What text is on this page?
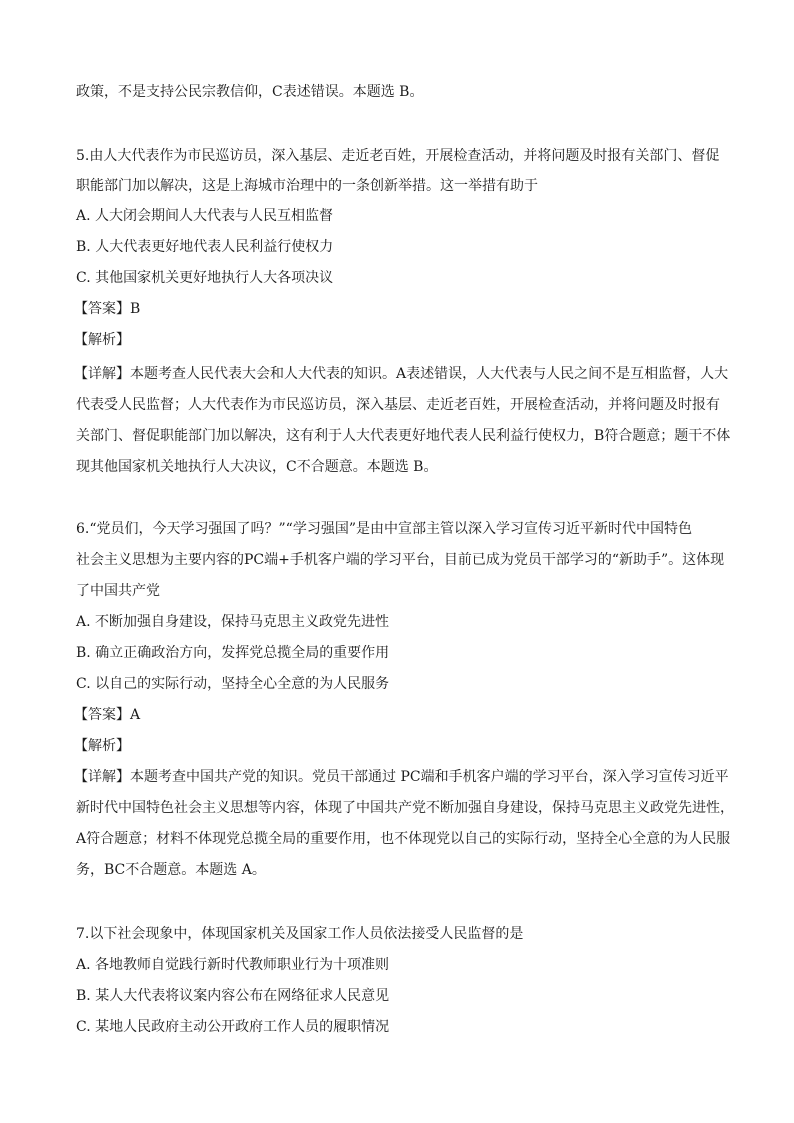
政策，不是支持公民宗教信仰，C表述错误。本题选 B。
5.由人大代表作为市民巡访员，深入基层、走近老百姓，开展检查活动，并将问题及时报有关部门、督促
职能部门加以解决，这是上海城市治理中的一条创新举措。这一举措有助于
A. 人大闭会期间人大代表与人民互相监督
B. 人大代表更好地代表人民利益行使权力
C. 其他国家机关更好地执行人大各项决议
【答案】B
【解析】
【详解】本题考查人民代表大会和人大代表的知识。A表述错误，人大代表与人民之间不是互相监督，人大
代表受人民监督；人大代表作为市民巡访员，深入基层、走近老百姓，开展检查活动，并将问题及时报有
关部门、督促职能部门加以解决，这有利于人大代表更好地代表人民利益行使权力，B符合题意；题干不体
现其他国家机关地执行人大决议，C不合题意。本题选 B。
6.“党员们，今天学习强国了吗？”“学习强国”是由中宣部主管以深入学习宣传习近平新时代中国特色
社会主义思想为主要内容的PC端+手机客户端的学习平台，目前已成为党员干部学习的“新助手”。这体现
了中国共产党
A. 不断加强自身建设，保持马克思主义政党先进性
B. 确立正确政治方向，发挥党总揽全局的重要作用
C. 以自己的实际行动，坚持全心全意的为人民服务
【答案】A
【解析】
【详解】本题考查中国共产党的知识。党员干部通过 PC端和手机客户端的学习平台，深入学习宣传习近平
新时代中国特色社会主义思想等内容，体现了中国共产党不断加强自身建设，保持马克思主义政党先进性，
A符合题意；材料不体现党总揽全局的重要作用，也不体现党以自己的实际行动，坚持全心全意的为人民服
务，BC不合题意。本题选 A。
7.以下社会现象中，体现国家机关及国家工作人员依法接受人民监督的是
A. 各地教师自觉践行新时代教师职业行为十项准则
B. 某人大代表将议案内容公布在网络征求人民意见
C. 某地人民政府主动公开政府工作人员的履职情况
